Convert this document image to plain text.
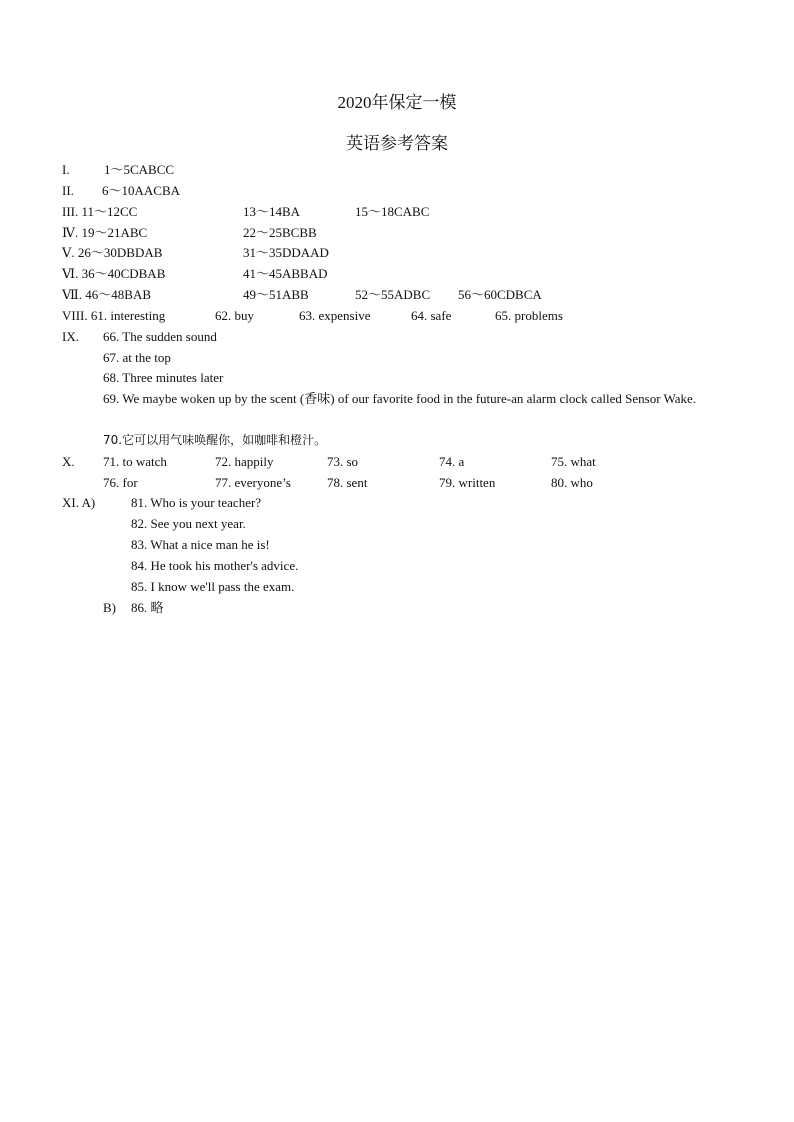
2020年保定一模
英语参考答案
I.	1～5CABCC
II. 6～10AACBA
III. 11～12CC	13～14BA	15～18CABC
Ⅳ. 19～21ABC	22～25BCBB
Ⅴ. 26～30DBDAB	31～35DDAAD
Ⅵ. 36～40CDBAB	41～45ABBAD
Ⅶ. 46～48BAB	49～51ABB	52～55ADBC 56～60CDBCA
VIII. 61. interesting	62. buy	63. expensive	64. safe	65. problems
IX. 66. The sudden sound
67. at the top
68. Three minutes later
69. We maybe woken up by the scent (香味) of our favorite food in the future-an alarm clock called Sensor Wake.
70.它可以用气味唤醒你，如咖啡和橙汁。
X. 71. to watch	72. happily	73. so	74. a	75. what
76. for	77. everyone’s	78. sent	79. written	80. who
XI. A)	81. Who is your teacher?
82. See you next year.
83. What a nice man he is!
84. He took his mother's advice.
85. I know we'll pass the exam.
B) 86. 略
